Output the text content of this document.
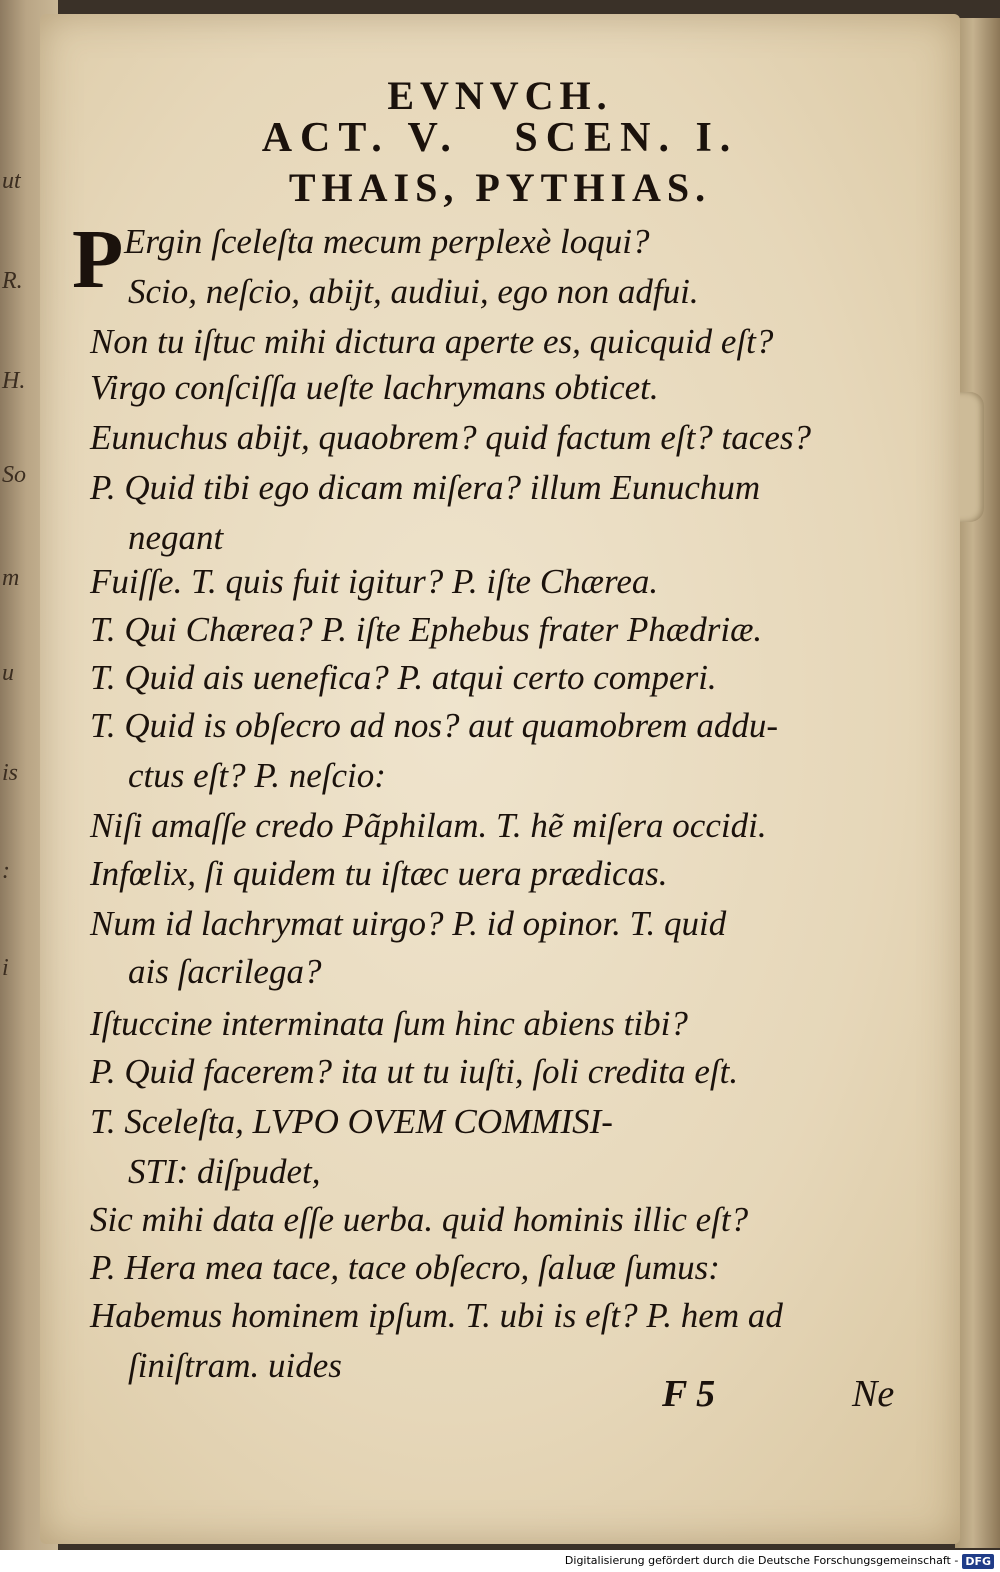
ut
R.
H.
So
m
u
is
:
i
EVNVCH.
ACT. V.   SCEN. I.
THAIS, PYTHIAS.
P Ergin ſceleſta mecum perplexè loqui?
Scio, neſcio, abijt, audiui, ego non adfui.
Non tu iſtuc mihi dictura aperte es, quicquid eſt?
Virgo conſciſſa ueſte lachrymans obticet.
Eunuchus abijt, quaobrem? quid factum eſt? taces?
P. Quid tibi ego dicam miſera? illum Eunuchum
negant
Fuiſſe. T. quis fuit igitur? P. iſte Chærea.
T. Qui Chærea? P. iſte Ephebus frater Phædriæ.
T. Quid ais uenefica? P. atqui certo comperi.
T. Quid is obſecro ad nos? aut quamobrem addu-
ctus eſt? P. neſcio:
Niſi amaſſe credo Pãphilam. T. hẽ miſera occidi.
Infœlix, ſi quidem tu iſtæc uera prædicas.
Num id lachrymat uirgo? P. id opinor. T. quid
ais ſacrilega?
Iſtuccine interminata ſum hinc abiens tibi?
P. Quid facerem? ita ut tu iuſti, ſoli credita eſt.
T. Sceleſta, LVPO OVEM COMMISI-
STI: diſpudet,
Sic mihi data eſſe uerba. quid hominis illic eſt?
P. Hera mea tace, tace obſecro, ſaluæ ſumus:
Habemus hominem ipſum. T. ubi is eſt? P. hem ad
ſiniſtram. uides
F 5	Ne
Digitalisierung gefördert durch die Deutsche Forschungsgemeinschaft - DFG
